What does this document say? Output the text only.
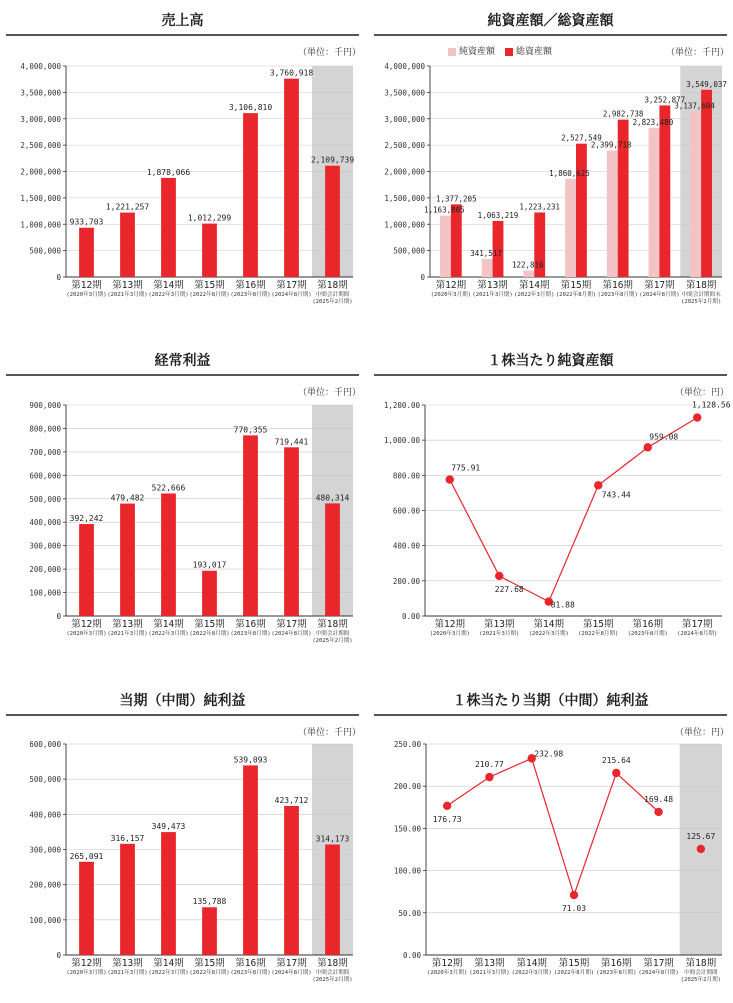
売上高
（単位：千円）
0
500,000
1,000,000
1,500,000
2,000,000
2,500,000
3,000,000
3,500,000
4,000,000
第12期
(2020年3月期)
第13期
(2021年3月期)
第14期
(2022年3月期)
第15期
(2022年8月期)
第16期
(2023年8月期)
第17期
(2024年8月期)
第18期
中間会計期間
(2025年2月期)
933,703
1,221,257
1,878,066
1,012,299
3,106,810
3,760,918
2,109,739
純資産額／総資産額
純資産額	総資産額	（単位：千円）
0
500,000
1,000,000
1,500,000
2,000,000
2,500,000
3,000,000
3,500,000
4,000,000
第12期
(2020年3月期)
第13期
(2021年3月期)
第14期
(2022年3月期)
第15期
(2022年8月期)
第16期
(2023年8月期)
第17期
(2024年8月期)
第18期
中間会計期間末
(2025年2月期)
1,377,205
1,163,805
1,063,219
341,517
1,223,231
122,816
2,527,549
1,860,625
2,982,738
2,399,718
3,252,877
2,823,480
3,549,037
3,137,604
経常利益
（単位：千円）
0
100,000
200,000
300,000
400,000
500,000
600,000
700,000
800,000
900,000
第12期
(2020年3月期)
第13期
(2021年3月期)
第14期
(2022年3月期)
第15期
(2022年8月期)
第16期
(2023年8月期)
第17期
(2024年8月期)
第18期
中間会計期間
(2025年2月期)
392,242
479,482
522,666
193,017
770,355
719,441
480,314
１株当たり純資産額
（単位：円）
0.00
200.00
400.00
600.00
800.00
1,000.00
1,200.00
第12期
(2020年3月期)
第13期
(2021年3月期)
第14期
(2022年3月期)
第15期
(2022年8月期)
第16期
(2023年8月期)
第17期
(2024年8月期)
775.91
227.68
81.88
743.44
959.08
1,128.56
当期（中間）純利益
（単位：千円）
0
100,000
200,000
300,000
400,000
500,000
600,000
第12期
(2020年3月期)
第13期
(2021年3月期)
第14期
(2022年3月期)
第15期
(2022年8月期)
第16期
(2023年8月期)
第17期
(2024年8月期)
第18期
中間会計期間
(2025年2月期)
265,091
316,157
349,473
135,788
539,093
423,712
314,173
１株当たり当期（中間）純利益
（単位：円）
0.00
50.00
100.00
150.00
200.00
250.00
第12期
(2020年3月期)
第13期
(2021年3月期)
第14期
(2022年3月期)
第15期
(2022年8月期)
第16期
(2023年8月期)
第17期
(2024年8月期)
第18期
中間会計期間
(2025年2月期)
176.73
210.77
232.98
71.03
215.64
169.48
125.67
